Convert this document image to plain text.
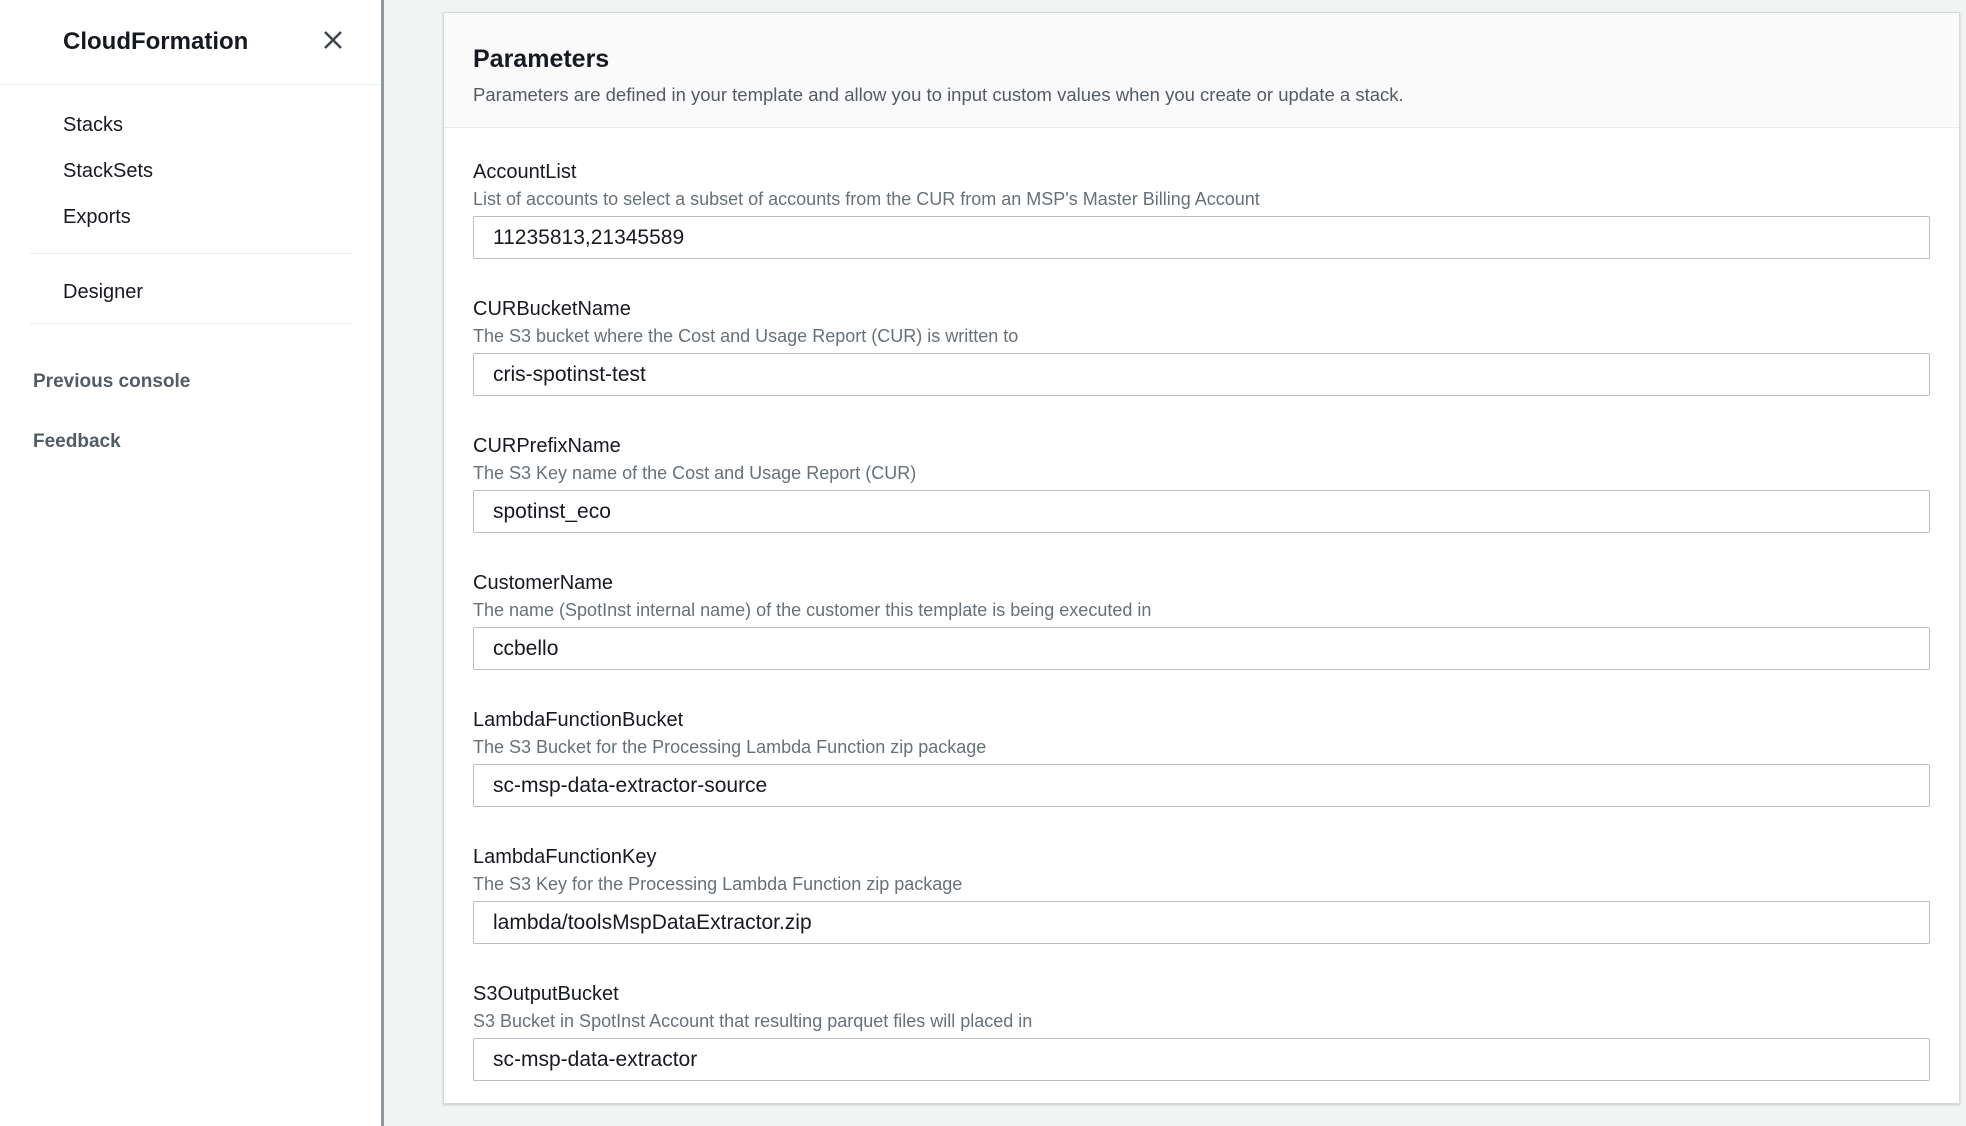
CloudFormation
Stacks
StackSets
Exports
Designer
Previous console
Feedback
Parameters

Parameters are defined in your template and allow you to input custom values when you create or update a stack.

AccountList
List of accounts to select a subset of accounts from the CUR from an MSP's Master Billing Account
11235813,21345589
CURBucketName
The S3 bucket where the Cost and Usage Report (CUR) is written to
cris-spotinst-test
CURPrefixName
The S3 Key name of the Cost and Usage Report (CUR)
spotinst_eco
CustomerName
The name (SpotInst internal name) of the customer this template is being executed in
ccbello
LambdaFunctionBucket
The S3 Bucket for the Processing Lambda Function zip package
sc-msp-data-extractor-source
LambdaFunctionKey
The S3 Key for the Processing Lambda Function zip package
lambda/toolsMspDataExtractor.zip
S3OutputBucket
S3 Bucket in SpotInst Account that resulting parquet files will placed in
sc-msp-data-extractor
